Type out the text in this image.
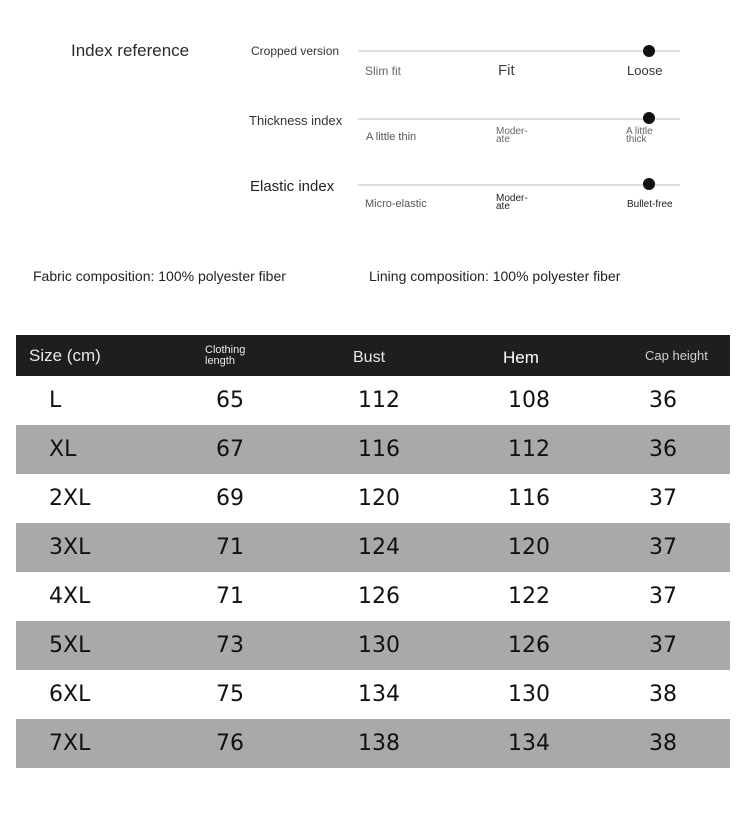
Index reference	Cropped version
Slim fit	Fit	Loose
Thickness index
A little thin	Moder-ate
A little thick
Elastic index
Micro-elastic	Moder-ate	Bullet-free
Fabric composition: 100% polyester fiber	Lining composition: 100% polyester fiber
Size (cm)	Clothing length	Bust	Hem	Cap height
L	65	112	108	36
XL	67	116	112	36
2XL	69	120	116	37
3XL	71	124	120	37
4XL	71	126	122	37
5XL	73	130	126	37
6XL	75	134	130	38
7XL	76	138	134	38
